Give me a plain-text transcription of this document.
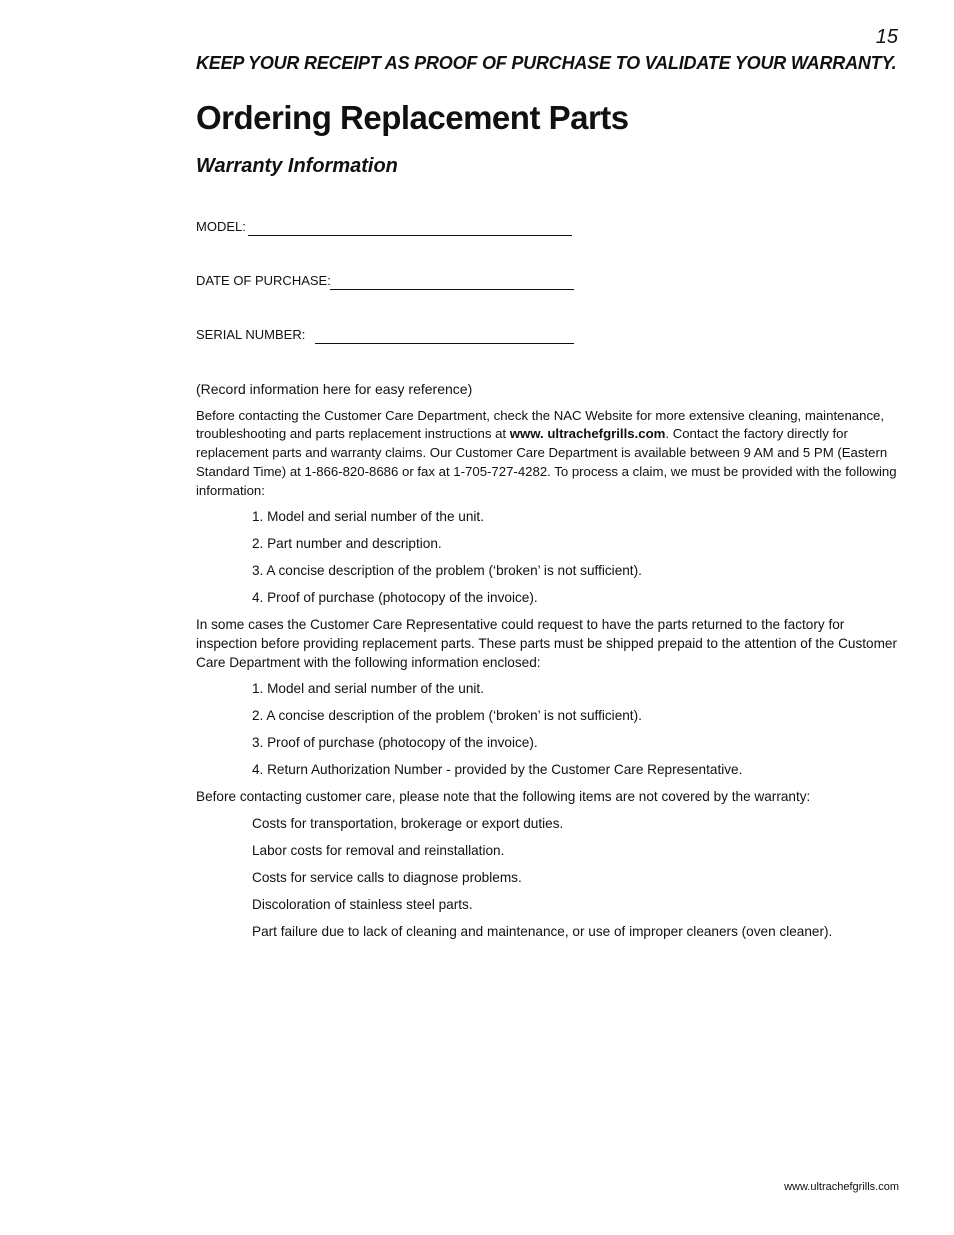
15
KEEP YOUR RECEIPT AS PROOF OF PURCHASE TO VALIDATE YOUR WARRANTY.
Ordering Replacement Parts
Warranty Information
MODEL:
DATE OF PURCHASE:
SERIAL NUMBER:

(Record information here for easy reference)

Before contacting the Customer Care Department, check the NAC Website for more extensive cleaning, maintenance, troubleshooting and parts replacement instructions at www. ultrachefgrills.com. Contact the factory directly for replacement parts and warranty claims. Our Customer Care Department is available between 9 AM and 5 PM (Eastern Standard Time) at 1-866-820-8686 or fax at 1-705-727-4282. To process a claim, we must be provided with the following information:

1. Model and serial number of the unit.
2. Part number and description.
3. A concise description of the problem (‘broken’ is not sufficient).
4. Proof of purchase (photocopy of the invoice).

In some cases the Customer Care Representative could request to have the parts returned to the factory for inspection before providing replacement parts. These parts must be shipped prepaid to the attention of the Customer Care Department with the following information enclosed:

1. Model and serial number of the unit.
2. A concise description of the problem (‘broken’ is not sufficient).
3. Proof of purchase (photocopy of the invoice).
4. Return Authorization Number - provided by the Customer Care Representative.

Before contacting customer care, please note that the following items are not covered by the warranty:

Costs for transportation, brokerage or export duties.
Labor costs for removal and reinstallation.
Costs for service calls to diagnose problems.
Discoloration of stainless steel parts.
Part failure due to lack of cleaning and maintenance, or use of improper cleaners (oven cleaner).
www.ultrachefgrills.com
